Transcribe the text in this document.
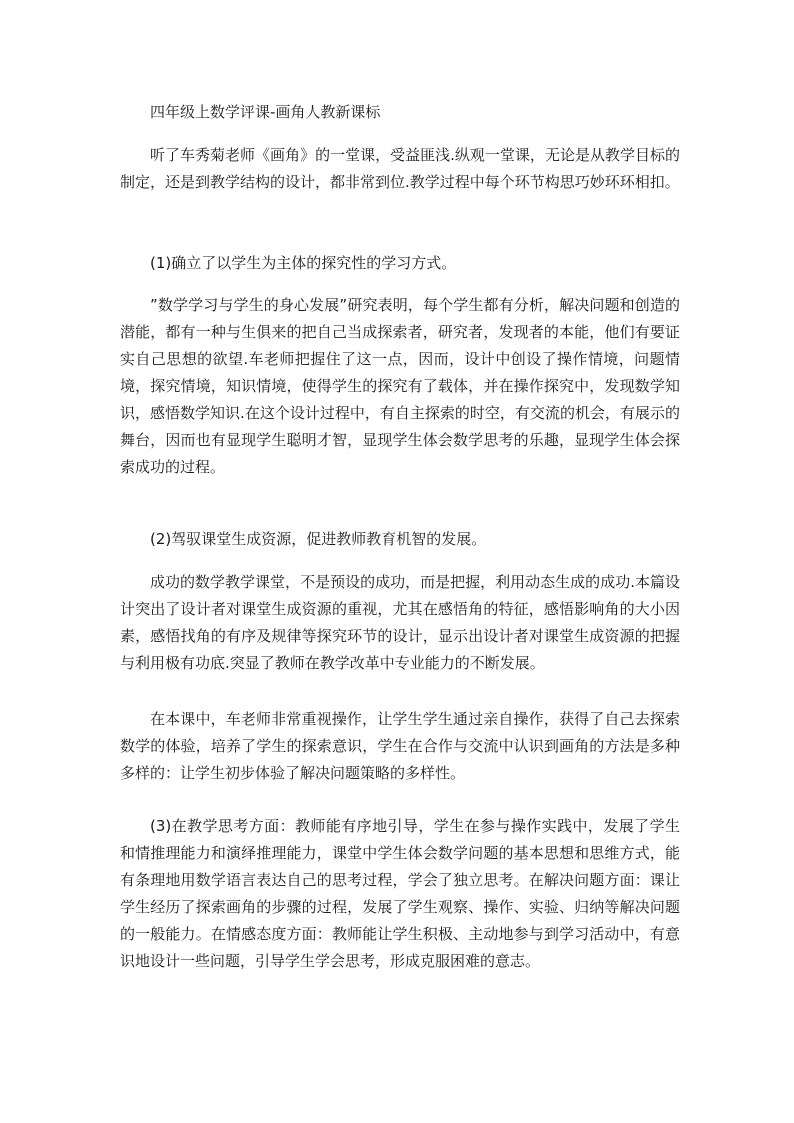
四年级上数学评课-画角人教新课标

听了车秀菊老师《画角》的一堂课，受益匪浅.纵观一堂课，无论是从教学目标的制定，还是到教学结构的设计，都非常到位.教学过程中每个环节构思巧妙环环相扣。

(1)确立了以学生为主体的探究性的学习方式。

”数学学习与学生的身心发展”研究表明，每个学生都有分析，解决问题和创造的潜能，都有一种与生俱来的把自己当成探索者，研究者，发现者的本能，他们有要证实自己思想的欲望.车老师把握住了这一点，因而，设计中创设了操作情境，问题情境，探究情境，知识情境，使得学生的探究有了载体，并在操作探究中，发现数学知识，感悟数学知识.在这个设计过程中，有自主探索的时空，有交流的机会，有展示的舞台，因而也有显现学生聪明才智，显现学生体会数学思考的乐趣，显现学生体会探索成功的过程。

(2)驾驭课堂生成资源，促进教师教育机智的发展。

成功的数学教学课堂，不是预设的成功，而是把握，利用动态生成的成功.本篇设计突出了设计者对课堂生成资源的重视，尤其在感悟角的特征，感悟影响角的大小因素，感悟找角的有序及规律等探究环节的设计，显示出设计者对课堂生成资源的把握与利用极有功底.突显了教师在教学改革中专业能力的不断发展。

在本课中，车老师非常重视操作，让学生学生通过亲自操作，获得了自己去探索数学的体验，培养了学生的探索意识，学生在合作与交流中认识到画角的方法是多种多样的：让学生初步体验了解决问题策略的多样性。

(3)在教学思考方面：教师能有序地引导，学生在参与操作实践中，发展了学生和情推理能力和演绎推理能力，课堂中学生体会数学问题的基本思想和思维方式，能有条理地用数学语言表达自己的思考过程，学会了独立思考。在解决问题方面：课让学生经历了探索画角的步骤的过程，发展了学生观察、操作、实验、归纳等解决问题的一般能力。在情感态度方面：教师能让学生积极、主动地参与到学习活动中，有意识地设计一些问题，引导学生学会思考，形成克服困难的意志。
